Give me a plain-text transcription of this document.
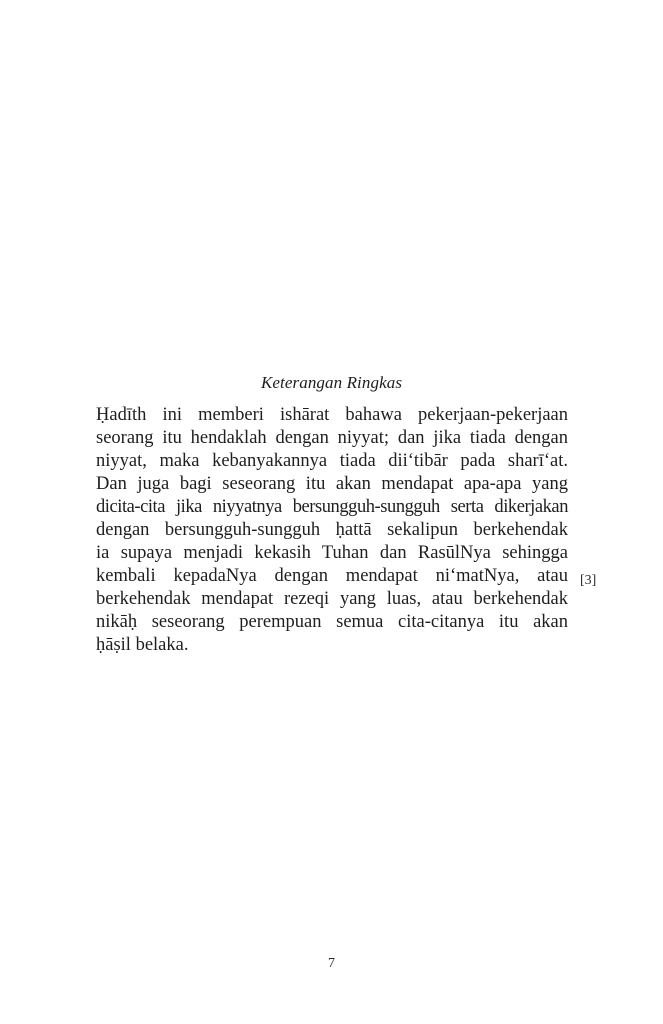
Keterangan Ringkas
Ḥadīth ini memberi ishārat bahawa pekerjaan-pekerjaan
seorang itu hendaklah dengan niyyat; dan jika tiada dengan
niyyat, maka kebanyakannya tiada dii‘tibār pada sharī‘at.
Dan juga bagi seseorang itu akan mendapat apa-apa yang
dicita-cita jika niyyatnya bersungguh-sungguh serta dikerjakan
dengan bersungguh-sungguh ḥattā sekalipun berkehendak
ia supaya menjadi kekasih Tuhan dan RasūlNya sehingga
kembali kepadaNya dengan mendapat ni‘matNya, atau
berkehendak mendapat rezeqi yang luas, atau berkehendak
nikāḥ seseorang perempuan semua cita-citanya itu akan
ḥāṣil belaka.
[3]
7
